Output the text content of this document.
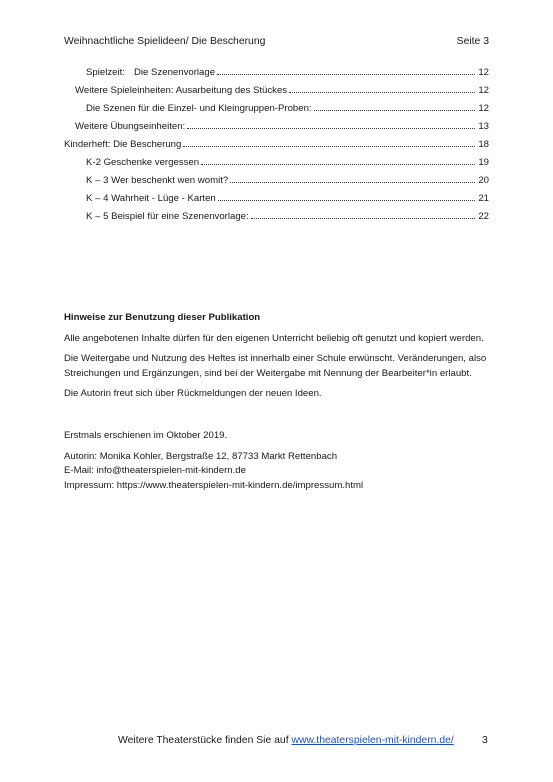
Weihnachtliche Spielideen/ Die Bescherung	Seite 3
Spielzeit: Die Szenenvorlage	12
Weitere Spieleinheiten: Ausarbeitung des Stückes	12
Die Szenen für die Einzel- und Kleingruppen-Proben:	12
Weitere Übungseinheiten:	13
Kinderheft: Die Bescherung	18
K-2 Geschenke vergessen	19
K – 3 Wer beschenkt wen womit?	20
K – 4 Wahrheit - Lüge - Karten	21
K – 5 Beispiel für eine Szenenvorlage:	22

Hinweise zur Benutzung dieser Publikation

Alle angebotenen Inhalte dürfen für den eigenen Unterricht beliebig oft genutzt und kopiert werden.

Die Weitergabe und Nutzung des Heftes ist innerhalb einer Schule erwünscht. Veränderungen, also

Streichungen und Ergänzungen, sind bei der Weitergabe mit Nennung der Bearbeiter*in erlaubt.

Die Autorin freut sich über Rückmeldungen der neuen Ideen.

Erstmals erschienen im Oktober 2019.

Autorin: Monika Kohler, Bergstraße 12, 87733 Markt Rettenbach

E-Mail: info@theaterspielen-mit-kindern.de

Impressum: https://www.theaterspielen-mit-kindern.de/impressum.html

Weitere Theaterstücke finden Sie auf www.theaterspielen-mit-kindern.de/	3
